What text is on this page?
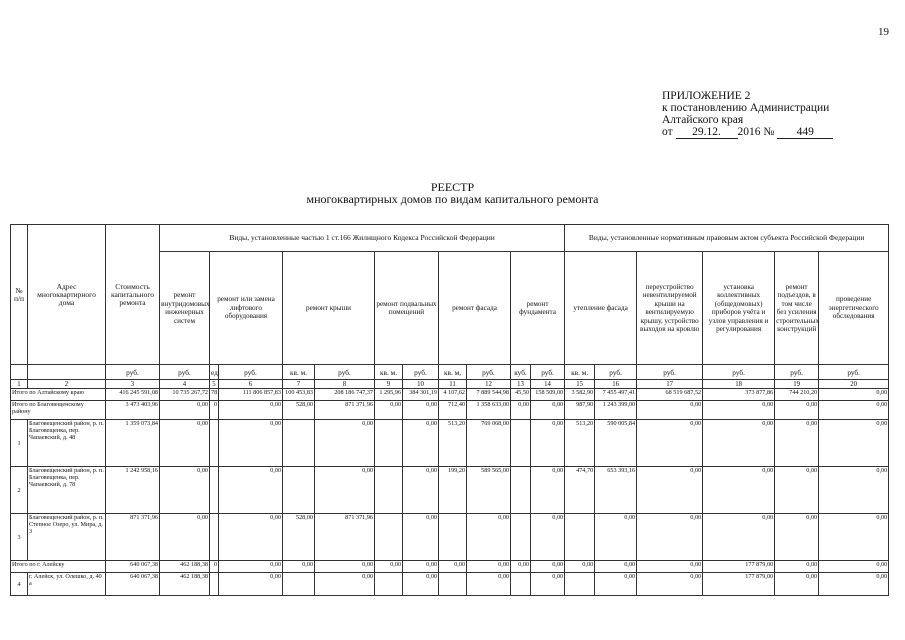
19
ПРИЛОЖЕНИЕ 2
к постановлению Администрации
Алтайского края
от 29.12. 2016 № 449
РЕЕСТР
многоквартирных домов по видам капитального ремонта
№ п/п	Адрес многоквартирного дома	Стоимость капитального ремонта	Виды, установленные частью 1 ст.166 Жилищного Кодекса Российской Федерации											Виды, установленные нормативным правовым актом субъекта Российской Федерации					
			ремонт внутридомовых инженерных систем	ремонт или замена лифтового оборудования		ремонт крыши		ремонт подвальных помещений		ремонт фасада		ремонт фундамента		утепление фасада		переустройство невентилируемой крыши на вентилируемую крышу, устройство выходов на кровлю	установка коллективных (общедомовых) приборов учёта и узлов управления и регулирования	ремонт подъездов, в том числе без усиления строительных конструкций	проведение энергетического обследования
		руб.	руб.	ед.	руб.	кв. м.	руб.	кв. м.	руб.	кв. м,	руб.	куб.	руб.	кв. м.	руб.	руб.	руб.	руб.	руб.
1	2	3	4	5	6	7	8	9	10	11	12	13	14	15	16	17	18	19	20
Итого по Алтайскому краю		416 245 591,08	10 735 267,72	78	111 806 857,83	100 453,83	208 186 747,37	1 295,96	384 301,19	4 107,62	7 889 544,98	45,50	158 509,00	3 582,90	7 455 497,41	68 519 687,52	373 877,86	744 210,20	0,00
Итого по Благовещенскому району		3 473 403,96	0,00	0	0,00	528,00	871 371,96	0,00	0,00	712,40	1 358 633,00	0,00	0,00	987,90	1 243 399,00	0,00	0,00	0,00	0,00
1	Благовещенский район, р. п. Благовещенка, пер. Чапаевский, д. 48	1 359 073,84	0,00		0,00		0,00		0,00	513,20	769 068,00		0,00	513,20	590 005,84	0,00	0,00	0,00	0,00
2	Благовещенский район, р. п. Благовещенка, пер. Чапаевский, д. 78	1 242 958,16	0,00		0,00		0,00		0,00	199,20	589 565,00		0,00	474,70	653 393,16	0,00	0,00	0,00	0,00
3	Благовещенский район, р. п. Степное Озеро, ул. Мира, д. 3	871 371,96	0,00		0,00	528,00	871 371,96		0,00		0,00		0,00		0,00	0,00	0,00	0,00	0,00
Итого по г. Алейску		640 067,38	462 188,38	0	0,00	0,00	0,00	0,00	0,00	0,00	0,00	0,00	0,00	0,00	0,00	0,00	177 879,00	0,00	0,00
4	г. Алейск, ул. Олешко, д. 40 а	640 067,38	462 188,38		0,00		0,00		0,00		0,00		0,00		0,00	0,00	177 879,00	0,00	0,00
